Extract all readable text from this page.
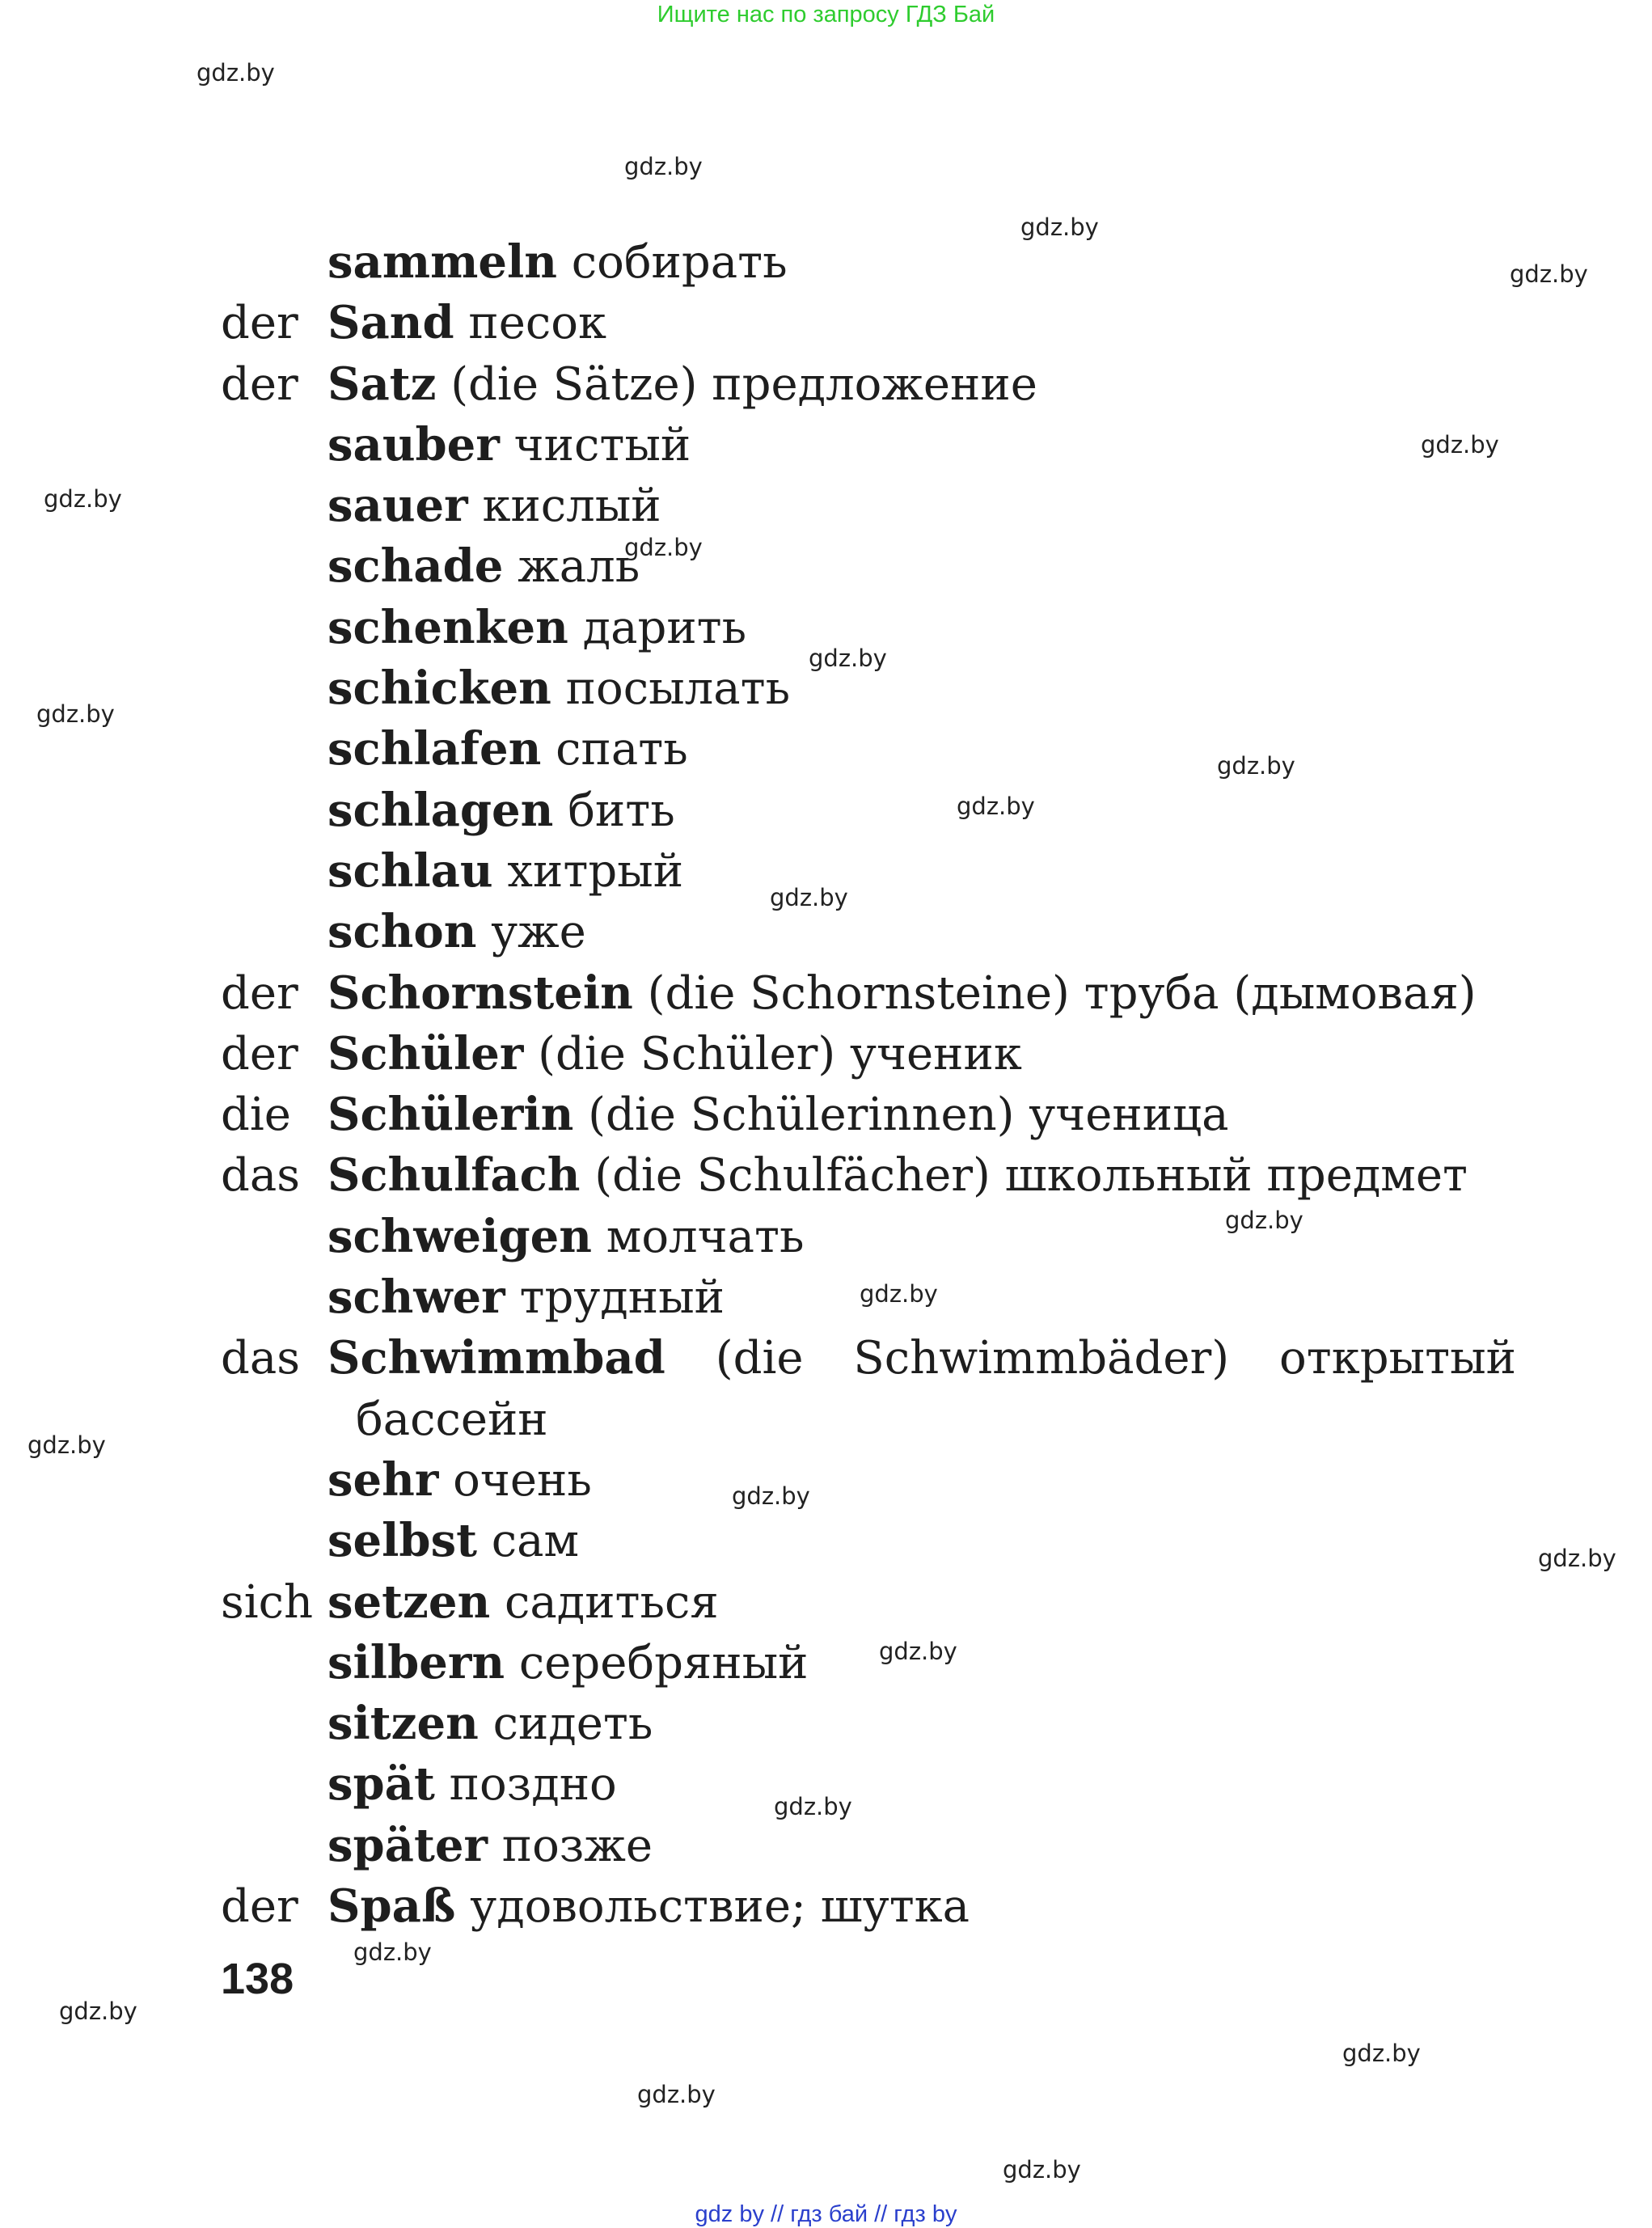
Ищите нас по запросу ГДЗ Бай
gdz.by
gdz.by
gdz.by
gdz.by
gdz.by
gdz.by
gdz.by
gdz.by
gdz.by
gdz.by
gdz.by
gdz.by
gdz.by
gdz.by
gdz.by
gdz.by
gdz.by
gdz.by
gdz.by
gdz.by
gdz.by
gdz.by
gdz.by
gdz.by
sammeln собирать
der Sand песок
der Satz (die Sätze) предложение
sauber чистый
sauer кислый
schade жаль
schenken дарить
schicken посылать
schlafen спать
schlagen бить
schlau хитрый
schon уже
der Schornstein (die Schornsteine) труба (дымовая)
der Schüler (die Schüler) ученик
die Schülerin (die Schülerinnen) ученица
das Schulfach (die Schulfächer) школьный предмет
schweigen молчать
schwer трудный
das Schwimmbad (die Schwimmbäder) открытый
бассейн
sehr очень
selbst сам
sich setzen садиться
silbern серебряный
sitzen сидеть
spät поздно
später позже
der Spaß удовольствие; шутка
138
gdz by // гдз бай // гдз by
